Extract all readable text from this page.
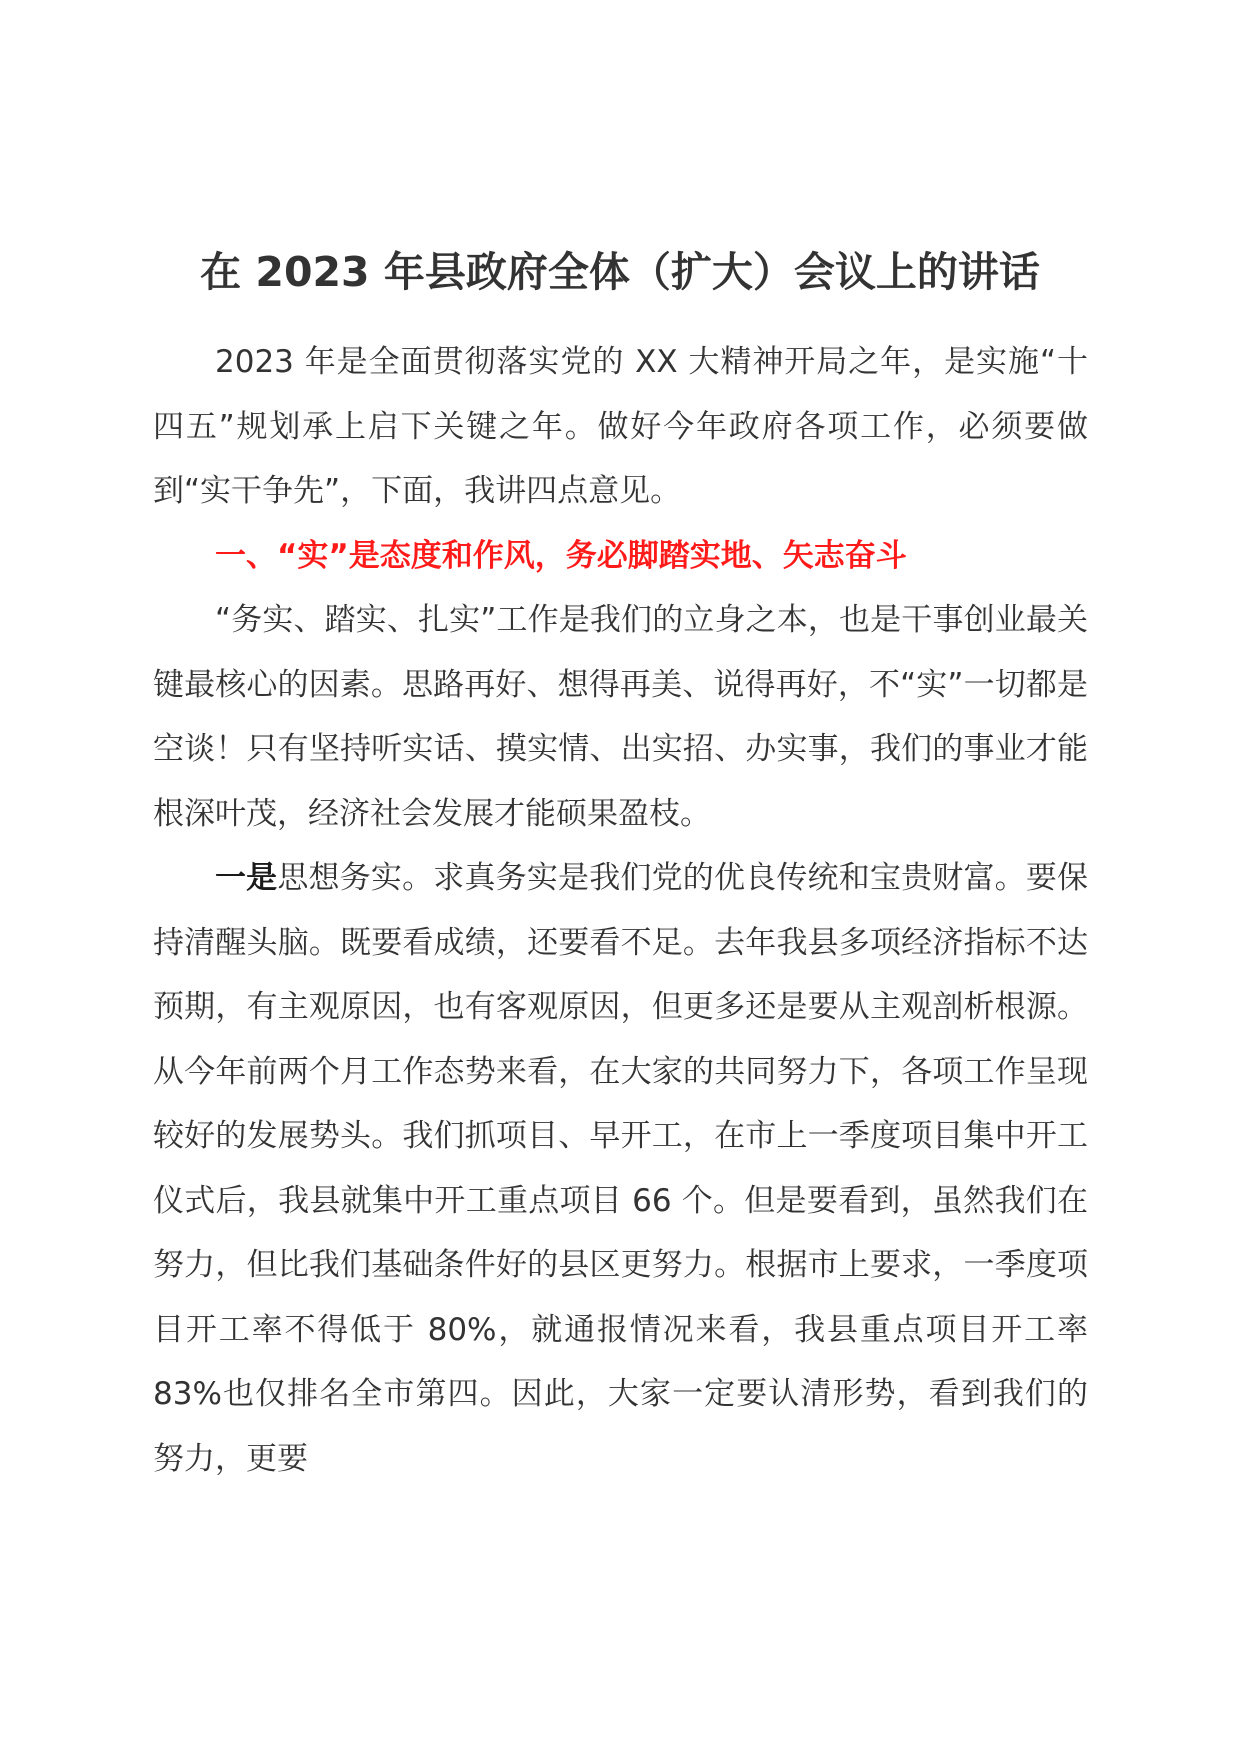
在 2023 年县政府全体（扩大）会议上的讲话

2023 年是全面贯彻落实党的 XX 大精神开局之年，是实施“十四五”规划承上启下关键之年。做好今年政府各项工作，必须要做到“实干争先”，下面，我讲四点意见。

一、“实”是态度和作风，务必脚踏实地、矢志奋斗

“务实、踏实、扎实”工作是我们的立身之本，也是干事创业最关键最核心的因素。思路再好、想得再美、说得再好，不“实”一切都是空谈！只有坚持听实话、摸实情、出实招、办实事，我们的事业才能根深叶茂，经济社会发展才能硕果盈枝。

一是思想务实。求真务实是我们党的优良传统和宝贵财富。要保持清醒头脑。既要看成绩，还要看不足。去年我县多项经济指标不达预期，有主观原因，也有客观原因，但更多还是要从主观剖析根源。从今年前两个月工作态势来看，在大家的共同努力下，各项工作呈现较好的发展势头。我们抓项目、早开工，在市上一季度项目集中开工仪式后，我县就集中开工重点项目 66 个。但是要看到，虽然我们在努力，但比我们基础条件好的县区更努力。根据市上要求，一季度项目开工率不得低于 80%，就通报情况来看，我县重点项目开工率 83%也仅排名全市第四。因此，大家一定要认清形势，看到我们的努力，更要
